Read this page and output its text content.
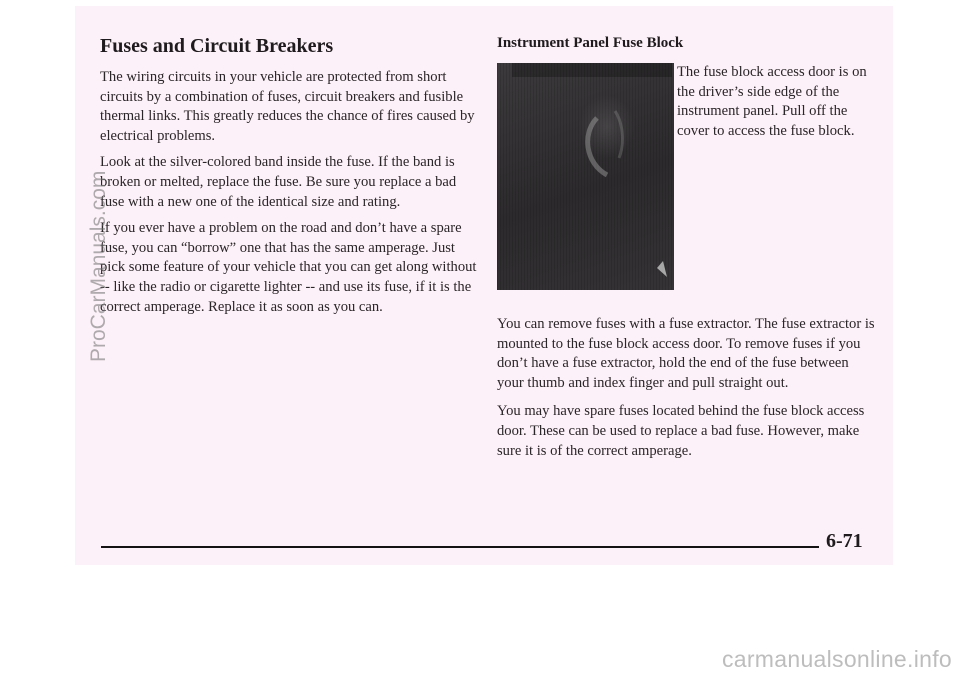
Fuses and Circuit Breakers

The wiring circuits in your vehicle are protected from short circuits by a combination of fuses, circuit breakers and fusible thermal links. This greatly reduces the chance of fires caused by electrical problems.

Look at the silver-colored band inside the fuse. If the band is broken or melted, replace the fuse. Be sure you replace a bad fuse with a new one of the identical size and rating.

If you ever have a problem on the road and don’t have a spare fuse, you can “borrow” one that has the same amperage. Just pick some feature of your vehicle that you can get along without -- like the radio or cigarette lighter -- and use its fuse, if it is the correct amperage. Replace it as soon as you can.

Instrument Panel Fuse Block

The fuse block access door is on the driver’s side edge of the instrument panel. Pull off the cover to access the fuse block.

You can remove fuses with a fuse extractor. The fuse extractor is mounted to the fuse block access door. To remove fuses if you don’t have a fuse extractor, hold the end of the fuse between your thumb and index finger and pull straight out.

You may have spare fuses located behind the fuse block access door. These can be used to replace a bad fuse. However, make sure it is of the correct amperage.

6-71
ProCarManuals.com
carmanualsonline.info
